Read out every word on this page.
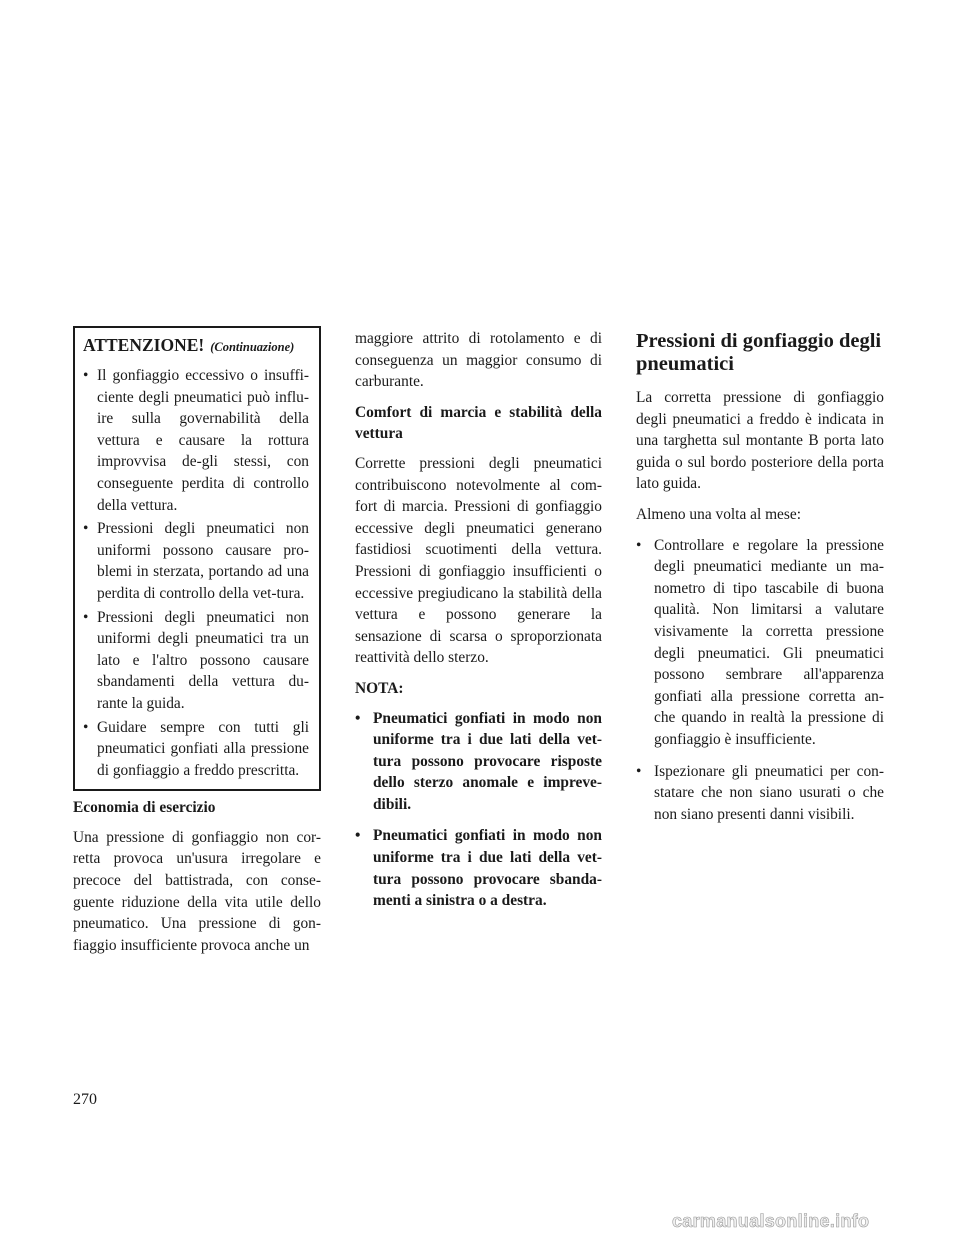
ATTENZIONE! (Continuazione)
• Il gonfiaggio eccessivo o insuffi-ciente degli pneumatici può influ-ire sulla governabilità della vettura e causare la rottura improvvisa de-gli stessi, con conseguente perdita di controllo della vettura.
• Pressioni degli pneumatici non uniformi possono causare pro-blemi in sterzata, portando ad una perdita di controllo della vet-tura.
• Pressioni degli pneumatici non uniformi degli pneumatici tra un lato e l'altro possono causare sbandamenti della vettura du-rante la guida.
• Guidare sempre con tutti gli pneumatici gonfiati alla pressione di gonfiaggio a freddo prescritta.

Economia di esercizio

Una pressione di gonfiaggio non cor-retta provoca un'usura irregolare e precoce del battistrada, con conse-guente riduzione della vita utile dello pneumatico. Una pressione di gon-fiaggio insufficiente provoca anche un

maggiore attrito di rotolamento e di conseguenza un maggior consumo di carburante.

Comfort di marcia e stabilità della vettura

Corrette pressioni degli pneumatici contribuiscono notevolmente al com-fort di marcia. Pressioni di gonfiaggio eccessive degli pneumatici generano fastidiosi scuotimenti della vettura. Pressioni di gonfiaggio insufficienti o eccessive pregiudicano la stabilità della vettura e possono generare la sensazione di scarsa o sproporzionata reattività dello sterzo.

NOTA:

• Pneumatici gonfiati in modo non uniforme tra i due lati della vet-tura possono provocare risposte dello sterzo anomale e impreve-dibili.
• Pneumatici gonfiati in modo non uniforme tra i due lati della vet-tura possono provocare sbanda-menti a sinistra o a destra.
Pressioni di gonfiaggio degli pneumatici

La corretta pressione di gonfiaggio degli pneumatici a freddo è indicata in una targhetta sul montante B porta lato guida o sul bordo posteriore della porta lato guida.

Almeno una volta al mese:

• Controllare e regolare la pressione degli pneumatici mediante un ma-nometro di tipo tascabile di buona qualità. Non limitarsi a valutare visivamente la corretta pressione degli pneumatici. Gli pneumatici possono sembrare all'apparenza gonfiati alla pressione corretta an-che quando in realtà la pressione di gonfiaggio è insufficiente.
• Ispezionare gli pneumatici per con-statare che non siano usurati o che non siano presenti danni visibili.
270
carmanualsonline.info
